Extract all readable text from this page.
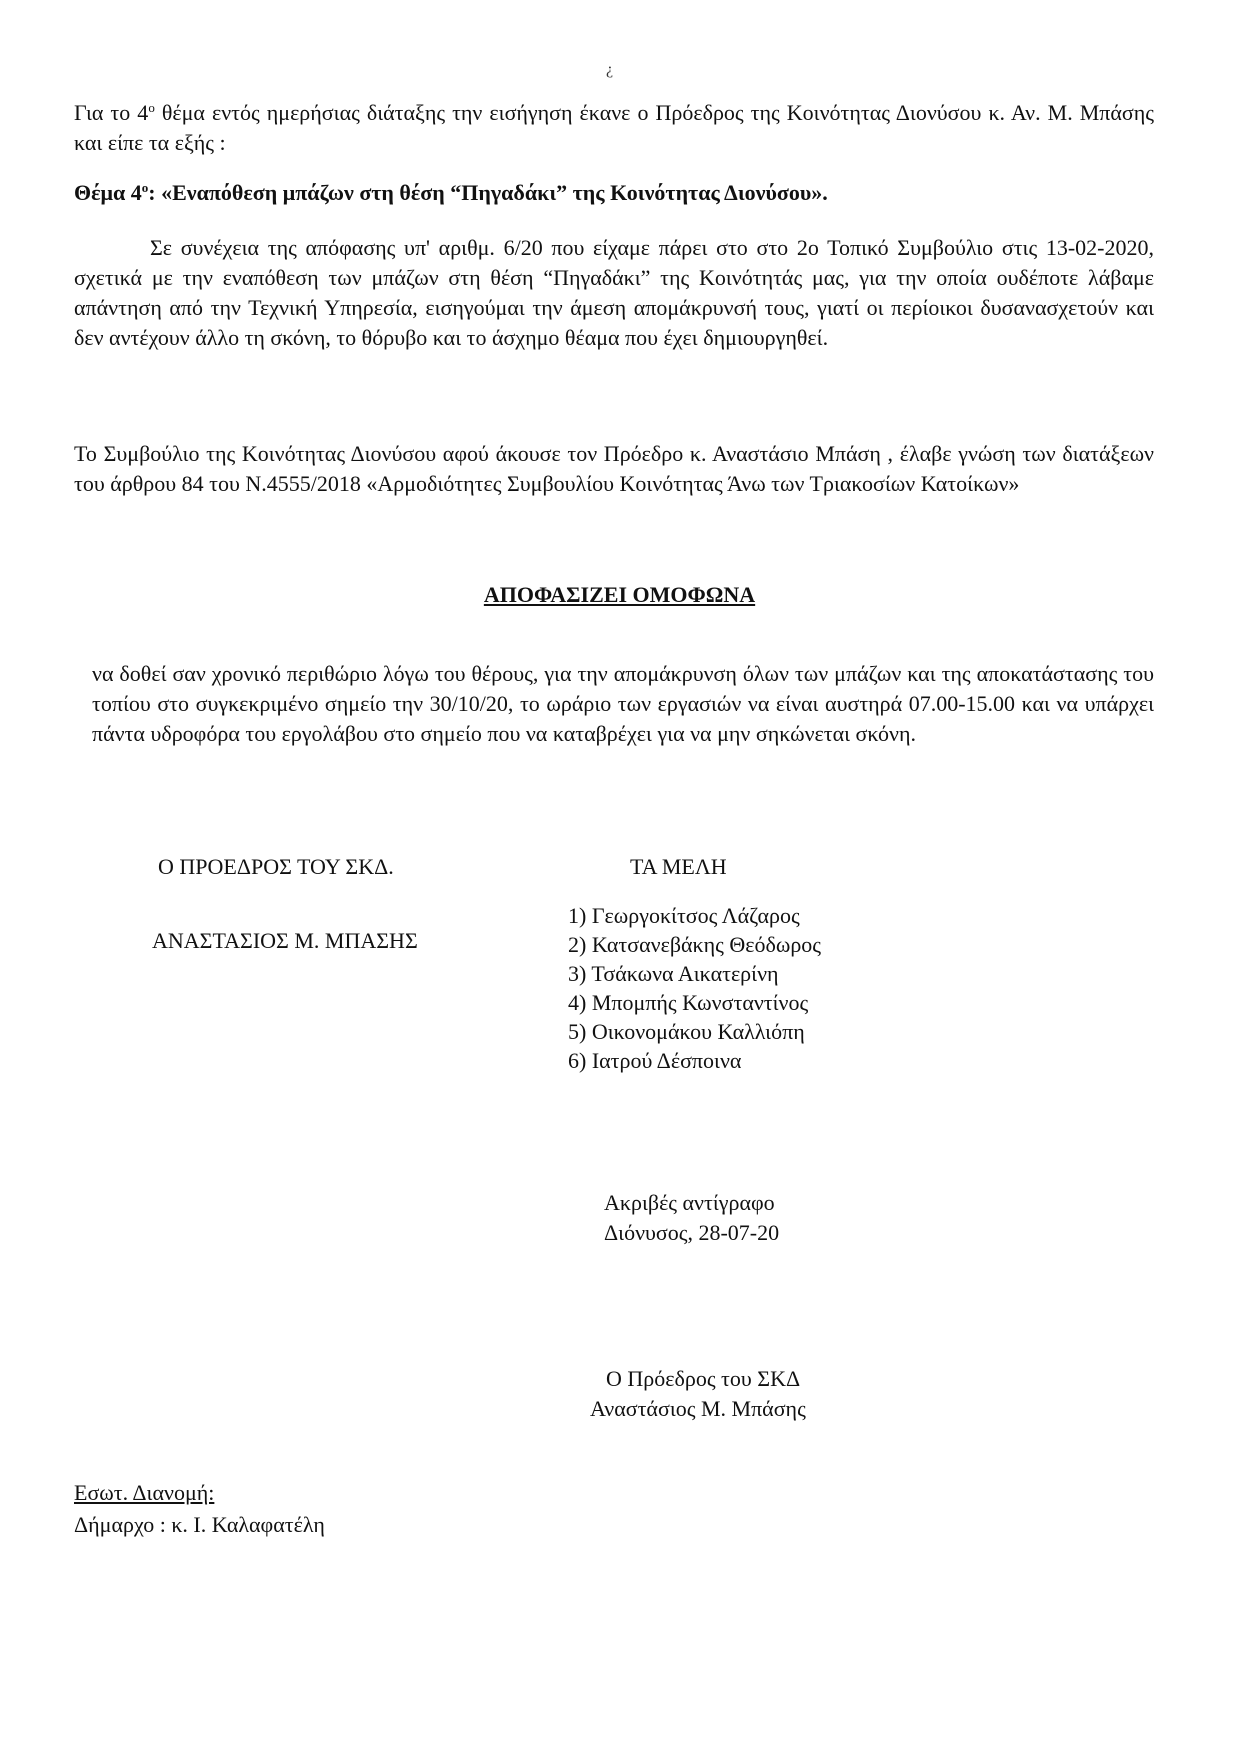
¿
Για το $4^o$ θέμα εντός ημερήσιας διάταξης την εισήγηση έκανε ο Πρόεδρος της Κοινότητας Διονύσου κ. Αν. Μ. Μπάσης και είπε τα εξής :
Θέμα $4^o$: «Εναπόθεση μπάζων στη θέση “Πηγαδάκι” της Κοινότητας Διονύσου».
Σε συνέχεια της απόφασης υπ' αριθμ. 6/20 που είχαμε πάρει στο στο 2ο Τοπικό Συμβούλιο στις 13-02-2020, σχετικά με την εναπόθεση των μπάζων στη θέση “Πηγαδάκι” της Κοινότητάς μας, για την οποία ουδέποτε λάβαμε απάντηση από την Τεχνική Υπηρεσία, εισηγούμαι την άμεση απομάκρυνσή τους, γιατί οι περίοικοι δυσανασχετούν και δεν αντέχουν άλλο τη σκόνη, το θόρυβο και το άσχημο θέαμα που έχει δημιουργηθεί.
Το Συμβούλιο της Κοινότητας Διονύσου αφού άκουσε τον Πρόεδρο κ. Αναστάσιο Μπάση , έλαβε γνώση των διατάξεων του άρθρου 84 του Ν.4555/2018 «Αρμοδιότητες Συμβουλίου Κοινότητας Άνω των Τριακοσίων Κατοίκων»
ΑΠΟΦΑΣΙΖΕΙ ΟΜΟΦΩΝΑ
να δοθεί σαν χρονικό περιθώριο λόγω του θέρους, για την απομάκρυνση όλων των μπάζων και της αποκατάστασης του τοπίου στο συγκεκριμένο σημείο την 30/10/20, το ωράριο των εργασιών να είναι αυστηρά 07.00-15.00 και να υπάρχει πάντα υδροφόρα του εργολάβου στο σημείο που να καταβρέχει για να μην σηκώνεται σκόνη.
Ο ΠΡΟΕΔΡΟΣ ΤΟΥ ΣΚΔ.
ΑΝΑΣΤΑΣΙΟΣ Μ. ΜΠΑΣΗΣ
ΤΑ ΜΕΛΗ
1) Γεωργοκίτσος Λάζαρος
2) Κατσανεβάκης Θεόδωρος
3) Τσάκωνα Αικατερίνη
4) Μπομπής Κωνσταντίνος
5) Οικονομάκου Καλλιόπη
6) Ιατρού Δέσποινα
Ακριβές αντίγραφο
Διόνυσος, 28-07-20
Ο Πρόεδρος του ΣΚΔ
Αναστάσιος Μ. Μπάσης
Εσωτ. Διανομή:
Δήμαρχο : κ. Ι. Καλαφατέλη
